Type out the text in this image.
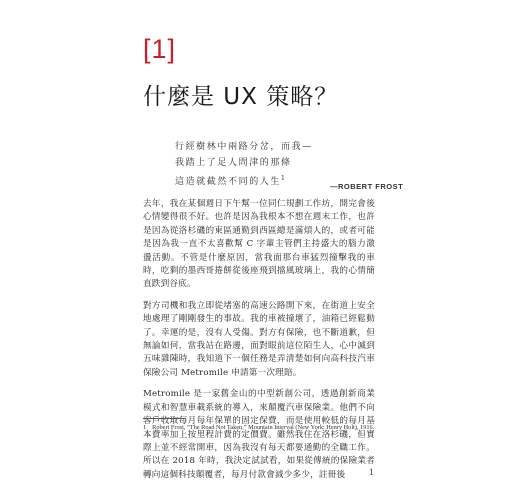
[1]
什麼是 UX 策略？
行經樹林中兩路分岔，而我—
我踏上了足人問津的那條
這造就截然不同的人生$^1$
—ROBERT FROST

去年，我在某個週日下午幫一位同仁規劃工作坊，開完會後心情變得很不好。也許是因為我根本不想在週末工作，也許是因為從洛杉磯的東區通勤到西區總是滿煩人的，或者可能是因為我一直不太喜歡幫 C 字輩主管們主持盛大的腦力激盪活動。不管是什麼原因，當我面那台車猛烈撞擊我的車時，吃剩的墨西哥捲餅從後座飛到擋風玻璃上，我的心情簡直跌到谷底。

對方司機和我立即從堵塞的高速公路開下來，在街道上安全地處理了剛剛發生的事故。我的車被撞壞了，油箱已經鬆動了。幸運的是，沒有人受傷。對方有保險，也不斷道歉，但無論如何，當我站在路邊，面對眼前這位陌生人，心中滅到五味雜陳時，我知道下一個任務是弄清楚如何向高科技汽車保險公司 Metromile 申請第一次理賠。

Metromile 是一家舊金山的中型新創公司，透過創新商業模式和智慧車載系統的導入，來顛覆汽車保險業。他們不向客戶收取每月每年保單的固定保費，而是使用較低的每月基本費率加上按里程計費的定價費。雖然我住在洛杉磯，但實際上並不經常開車，因為我沒有每天都要通勤的全職工作。所以在 2018 年時，我決定試試看，如果從傳統的保險業者轉向這個科技顛覆者，每月付款會減少多少，註冊後

1 Robert Frost, “The Road Not Taken,” Mountain Interval (New York: Henry Holt), 1916.
1
